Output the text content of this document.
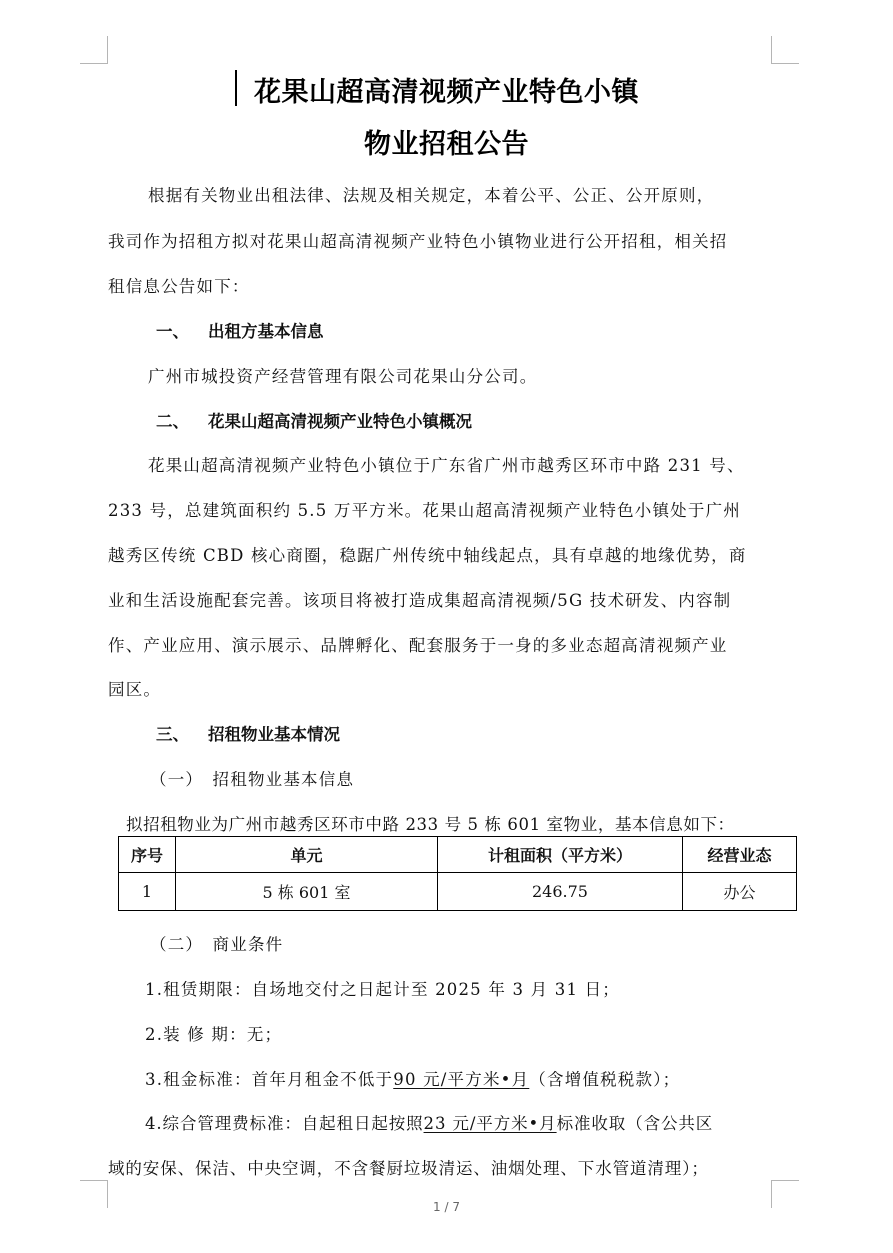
花果山超高清视频产业特色小镇
物业招租公告
根据有关物业出租法律、法规及相关规定，本着公平、公正、公开原则，
我司作为招租方拟对花果山超高清视频产业特色小镇物业进行公开招租，相关招
租信息公告如下：
一、 出租方基本信息
广州市城投资产经营管理有限公司花果山分公司。
二、 花果山超高清视频产业特色小镇概况
花果山超高清视频产业特色小镇位于广东省广州市越秀区环市中路 231 号、
233 号，总建筑面积约 5.5 万平方米。花果山超高清视频产业特色小镇处于广州
越秀区传统 CBD 核心商圈，稳踞广州传统中轴线起点，具有卓越的地缘优势，商
业和生活设施配套完善。该项目将被打造成集超高清视频/5G 技术研发、内容制
作、产业应用、演示展示、品牌孵化、配套服务于一身的多业态超高清视频产业
园区。
三、 招租物业基本情况
（一）　招租物业基本信息
拟招租物业为广州市越秀区环市中路 233 号 5 栋 601 室物业，基本信息如下：
序号	单元	计租面积（平方米）	经营业态
1	5 栋 601 室	246.75	办公
（二）　商业条件
1.租赁期限：自场地交付之日起计至 2025 年 3 月 31 日；
2.装 修 期：无；
3.租金标准：首年月租金不低于90 元/平方米•月（含增值税税款）；
4.综合管理费标准：自起租日起按照23 元/平方米•月标准收取（含公共区
域的安保、保洁、中央空调，不含餐厨垃圾清运、油烟处理、下水管道清理）；
1 / 7
